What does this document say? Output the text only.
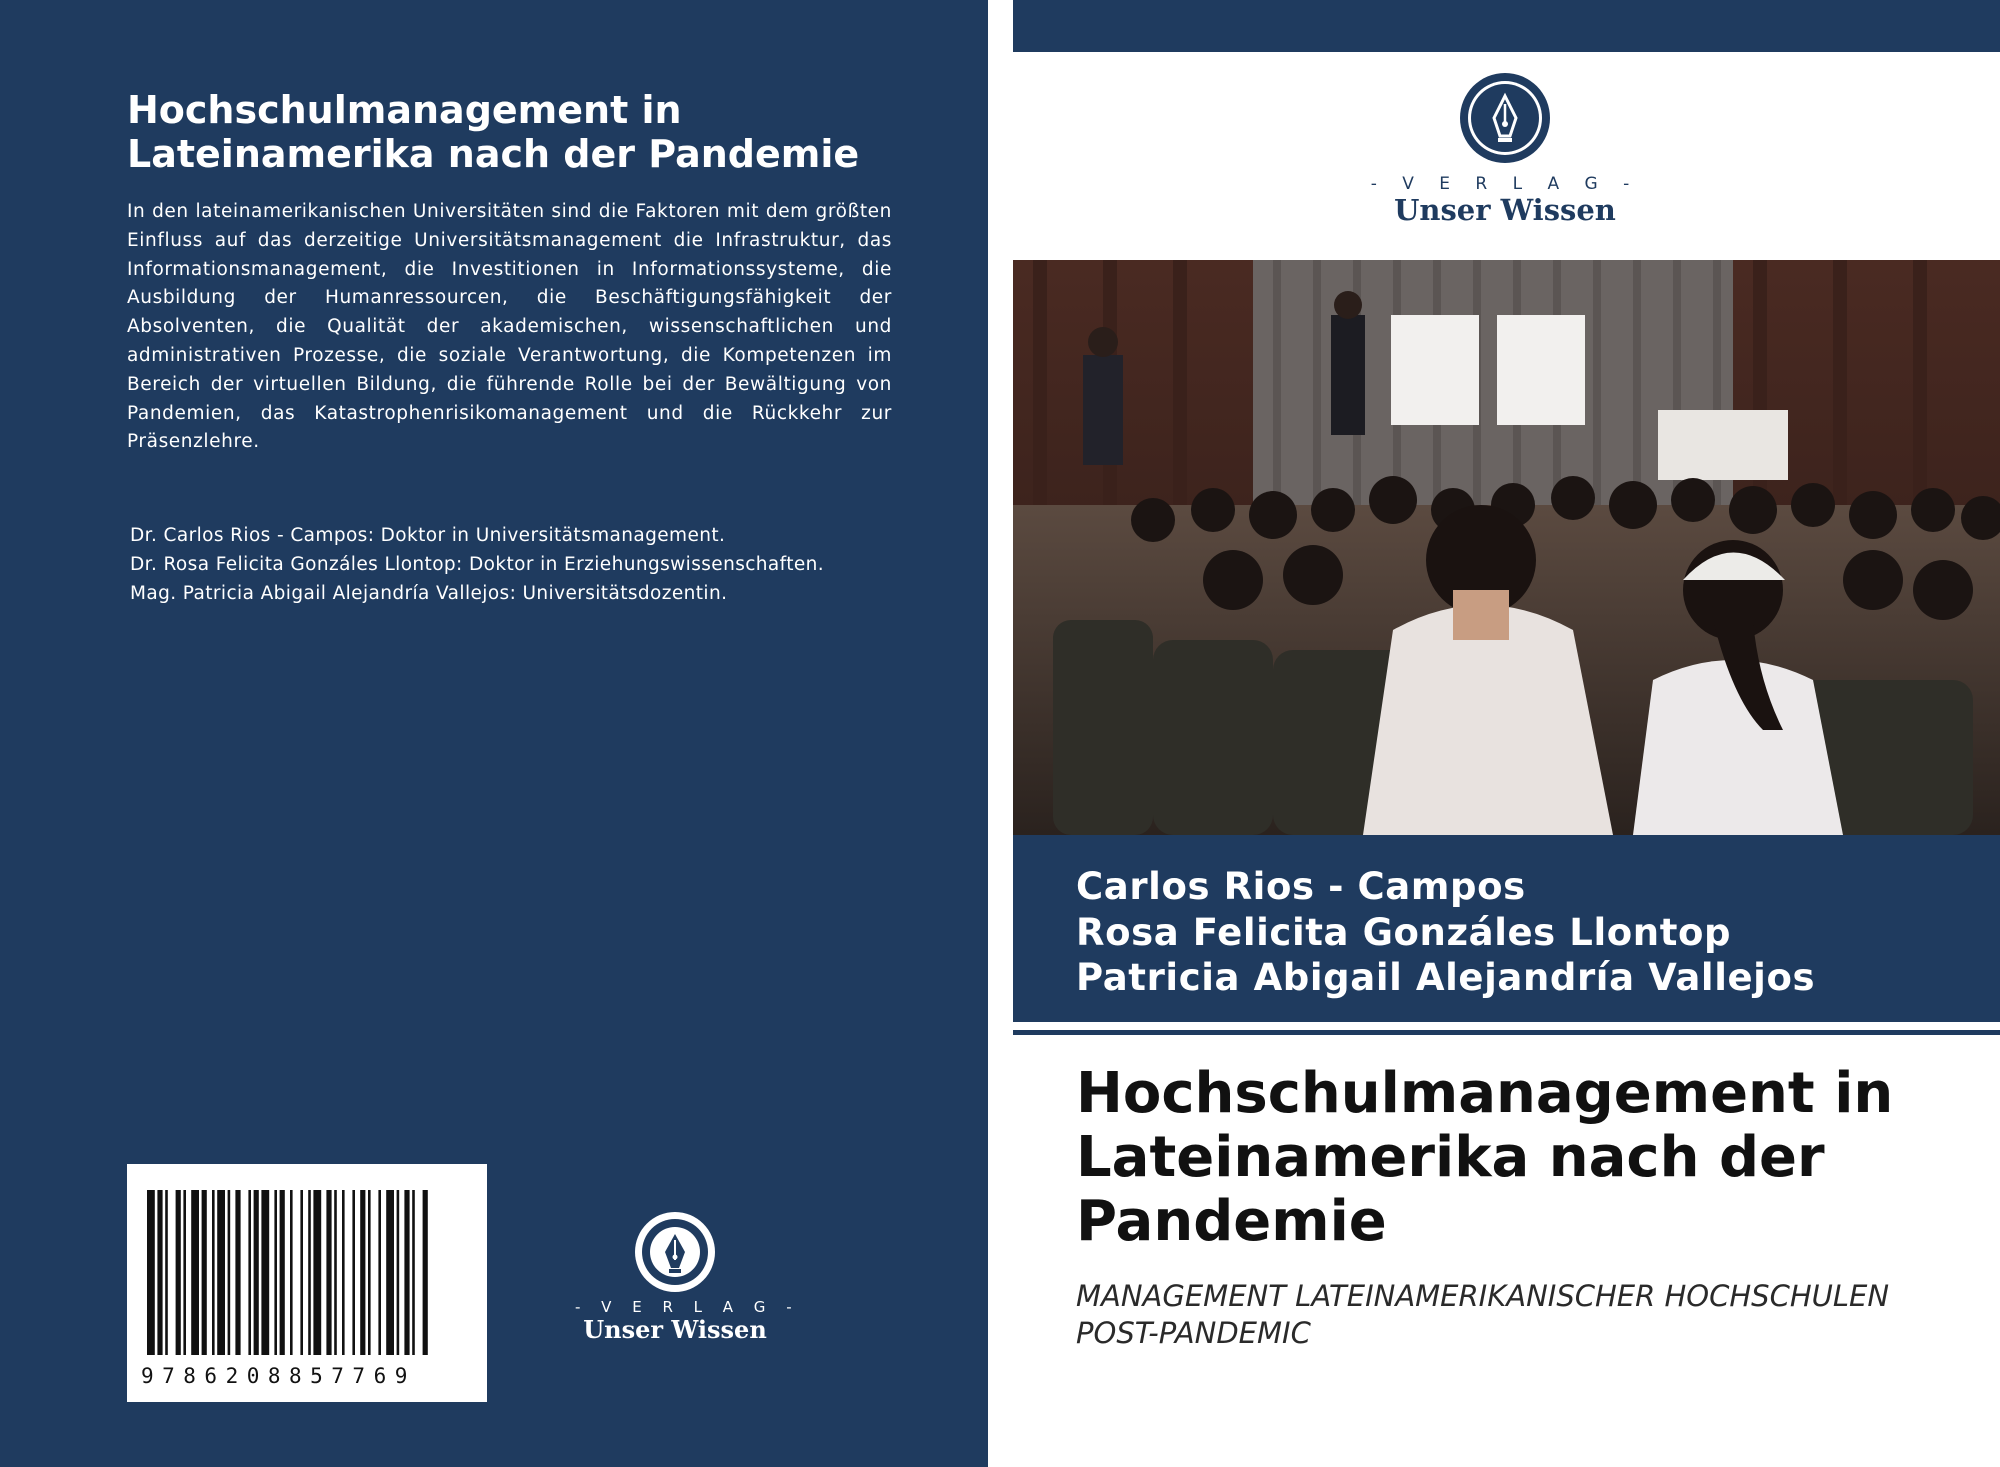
Hochschulmanagement in Lateinamerika nach der Pandemie

In den lateinamerikanischen Universitäten sind die Faktoren mit dem größten Einfluss auf das derzeitige Universitätsmanagement die Infrastruktur, das Informationsmanagement, die Investitionen in Informationssysteme, die Ausbildung der Humanressourcen, die Beschäftigungsfähigkeit der Absolventen, die Qualität der akademischen, wissenschaftlichen und administrativen Prozesse, die soziale Verantwortung, die Kompetenzen im Bereich der virtuellen Bildung, die führende Rolle bei der Bewältigung von Pandemien, das Katastrophenrisikomanagement und die Rückkehr zur Präsenzlehre.

Dr. Carlos Rios - Campos: Doktor in Universitätsmanagement.
Dr. Rosa Felicita Gonzáles Llontop: Doktor in Erziehungswissenschaften.
Mag. Patricia Abigail Alejandría Vallejos: Universitätsdozentin.
9786208857769
- V E R L A G -
Unser Wissen
- V E R L A G -
Unser Wissen
Carlos Rios - Campos
Rosa Felicita Gonzáles Llontop
Patricia Abigail Alejandría Vallejos
Hochschulmanagement in Lateinamerika nach der Pandemie
MANAGEMENT LATEINAMERIKANISCHER HOCHSCHULEN POST-PANDEMIC
